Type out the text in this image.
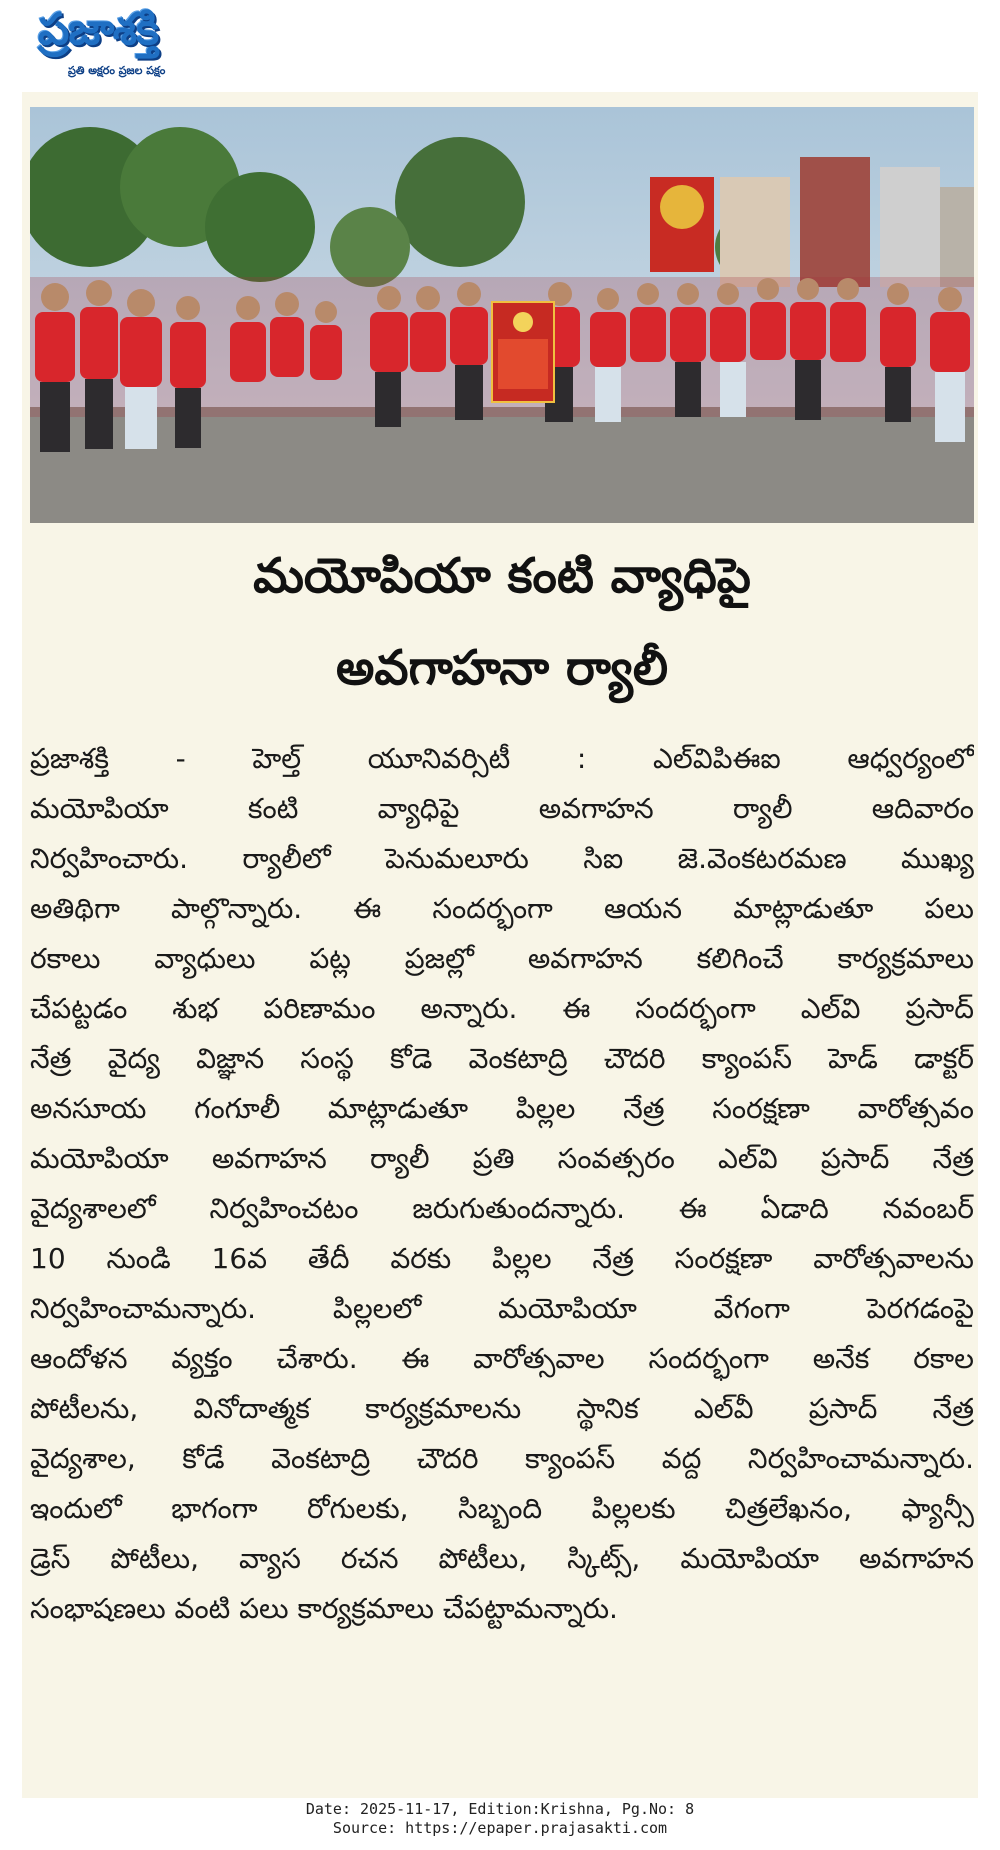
ప్రజాశక్తి
ప్రతి అక్షరం ప్రజల పక్షం
మయోపియా కంటి వ్యాధిపై
అవగాహనా ర్యాలీ
ప్రజాశక్తి - హెల్త్ యూనివర్సిటీ : ఎల్‌విపిఈఐ ఆధ్వర్యంలో
మయోపియా కంటి వ్యాధిపై అవగాహన ర్యాలీ ఆదివారం
నిర్వహించారు. ర్యాలీలో పెనుమలూరు సిఐ జె.వెంకటరమణ ముఖ్య
అతిథిగా పాల్గొన్నారు. ఈ సందర్భంగా ఆయన మాట్లాడుతూ పలు
రకాలు వ్యాధులు పట్ల ప్రజల్లో అవగాహన కలిగించే కార్యక్రమాలు
చేపట్టడం శుభ పరిణామం అన్నారు. ఈ సందర్భంగా ఎల్‌వి ప్రసాద్
నేత్ర వైద్య విజ్ఞాన సంస్థ కోడె వెంకటాద్రి చౌదరి క్యాంపస్ హెడ్ డాక్టర్
అనసూయ గంగూలీ మాట్లాడుతూ పిల్లల నేత్ర సంరక్షణా వారోత్సవం
మయోపియా అవగాహన ర్యాలీ ప్రతి సంవత్సరం ఎల్‌వి ప్రసాద్ నేత్ర
వైద్యశాలలో నిర్వహించటం జరుగుతుందన్నారు. ఈ ఏడాది నవంబర్
10 నుండి 16వ తేదీ వరకు పిల్లల నేత్ర సంరక్షణా వారోత్సవాలను
నిర్వహించామన్నారు. పిల్లలలో మయోపియా వేగంగా పెరగడంపై
ఆందోళన వ్యక్తం చేశారు. ఈ వారోత్సవాల సందర్భంగా అనేక రకాల
పోటీలను, వినోదాత్మక కార్యక్రమాలను స్థానిక ఎల్‌వీ ప్రసాద్ నేత్ర
వైద్యశాల, కోడే వెంకటాద్రి చౌదరి క్యాంపస్ వద్ద నిర్వహించామన్నారు.
ఇందులో భాగంగా రోగులకు, సిబ్బంది పిల్లలకు చిత్రలేఖనం, ఫ్యాన్సీ
డ్రెస్ పోటీలు, వ్యాస రచన పోటీలు, స్కిట్స్, మయోపియా అవగాహన
సంభాషణలు వంటి పలు కార్యక్రమాలు చేపట్టామన్నారు.
Date: 2025-11-17, Edition:Krishna, Pg.No: 8
Source: https://epaper.prajasakti.com
